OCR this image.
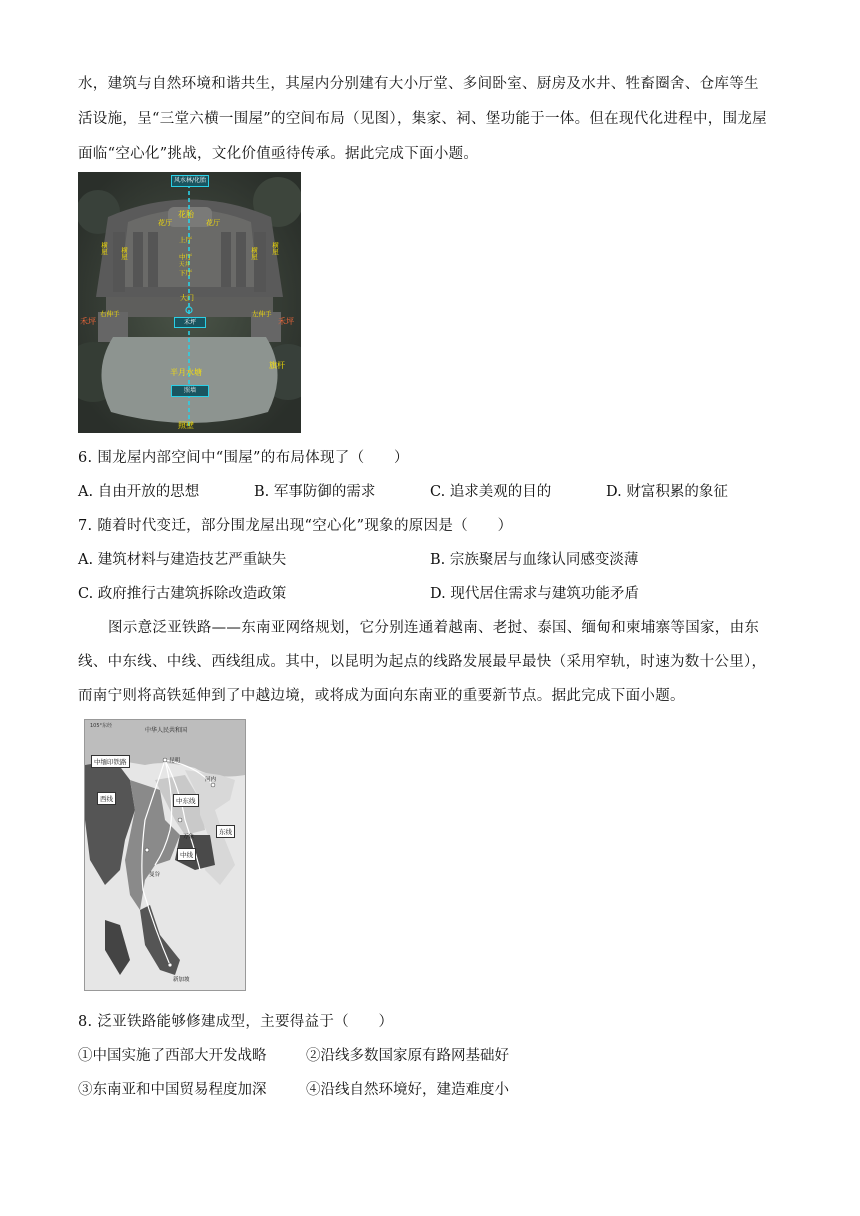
水，建筑与自然环境和谐共生，其屋内分别建有大小厅堂、多间卧室、厨房及水井、牲畜圈舍、仓库等生
活设施，呈“三堂六横一围屋”的空间布局（见图），集家、祠、堡功能于一体。但在现代化进程中，围龙屋
面临“空心化”挑战，文化价值亟待传承。据此完成下面小题。
风水林/化胎
花胎
上厅
中厅
下厅
花厅	花厅
天井
横屋 横屋	横屋 横屋
大门
禾坪
右伸手	左伸手
禾坪	禾坪
半月水塘
照墙
旗杆
照壁
6. 围龙屋内部空间中“围屋”的布局体现了（　　）
A. 自由开放的思想	B. 军事防御的需求	C. 追求美观的目的	D. 财富积累的象征
7. 随着时代变迁，部分围龙屋出现“空心化”现象的原因是（　　）
A. 建筑材料与建造技艺严重缺失	B. 宗族聚居与血缘认同感变淡薄
C. 政府推行古建筑拆除改造政策	D. 现代居住需求与建筑功能矛盾
图示意泛亚铁路——东南亚网络规划，它分别连通着越南、老挝、泰国、缅甸和柬埔寨等国家，由东
线、中东线、中线、西线组成。其中，以昆明为起点的线路发展最早最快（采用窄轨，时速为数十公里），
而南宁则将高铁延伸到了中越边境，或将成为面向东南亚的重要新节点。据此完成下面小题。
中华人民共和国
105°东经
中缅印铁路
西线	中东线
东线
中线
河内
昆明
万象
曼谷
新加坡
8. 泛亚铁路能够修建成型，主要得益于（　　）
①中国实施了西部大开发战略	②沿线多数国家原有路网基础好
③东南亚和中国贸易程度加深	④沿线自然环境好，建造难度小
